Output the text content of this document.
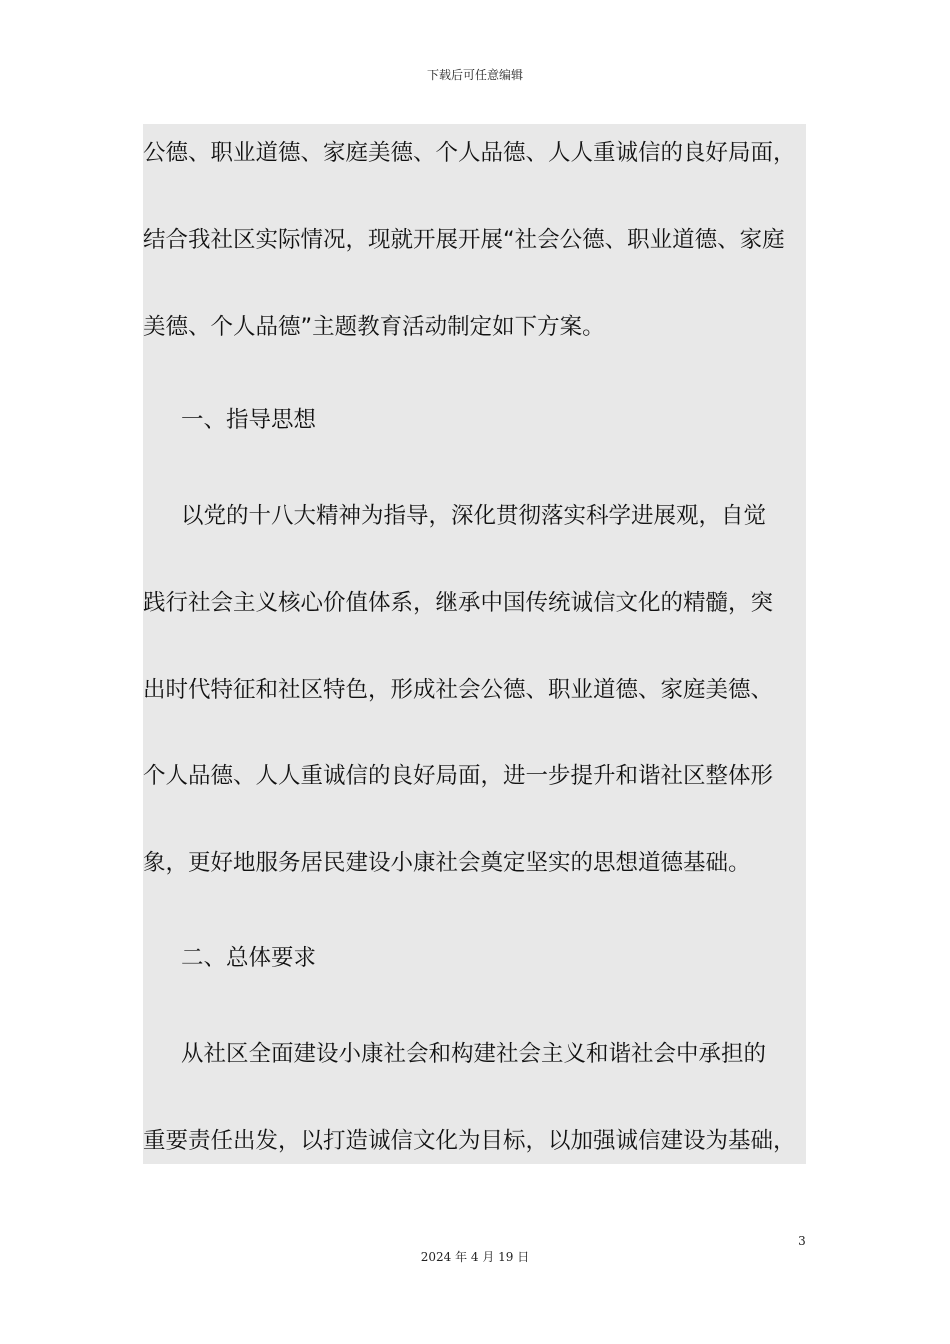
下载后可任意编辑
公德、职业道德、家庭美德、个人品德、人人重诚信的良好局面，
结合我社区实际情况，现就开展开展“社会公德、职业道德、家庭
美德、个人品德”主题教育活动制定如下方案。
一、指导思想
以党的十八大精神为指导，深化贯彻落实科学进展观，自觉
践行社会主义核心价值体系，继承中国传统诚信文化的精髓，突
出时代特征和社区特色，形成社会公德、职业道德、家庭美德、
个人品德、人人重诚信的良好局面，进一步提升和谐社区整体形
象，更好地服务居民建设小康社会奠定坚实的思想道德基础。
二、总体要求
从社区全面建设小康社会和构建社会主义和谐社会中承担的
重要责任出发，以打造诚信文化为目标，以加强诚信建设为基础，
3
2024 年 4 月 19 日
